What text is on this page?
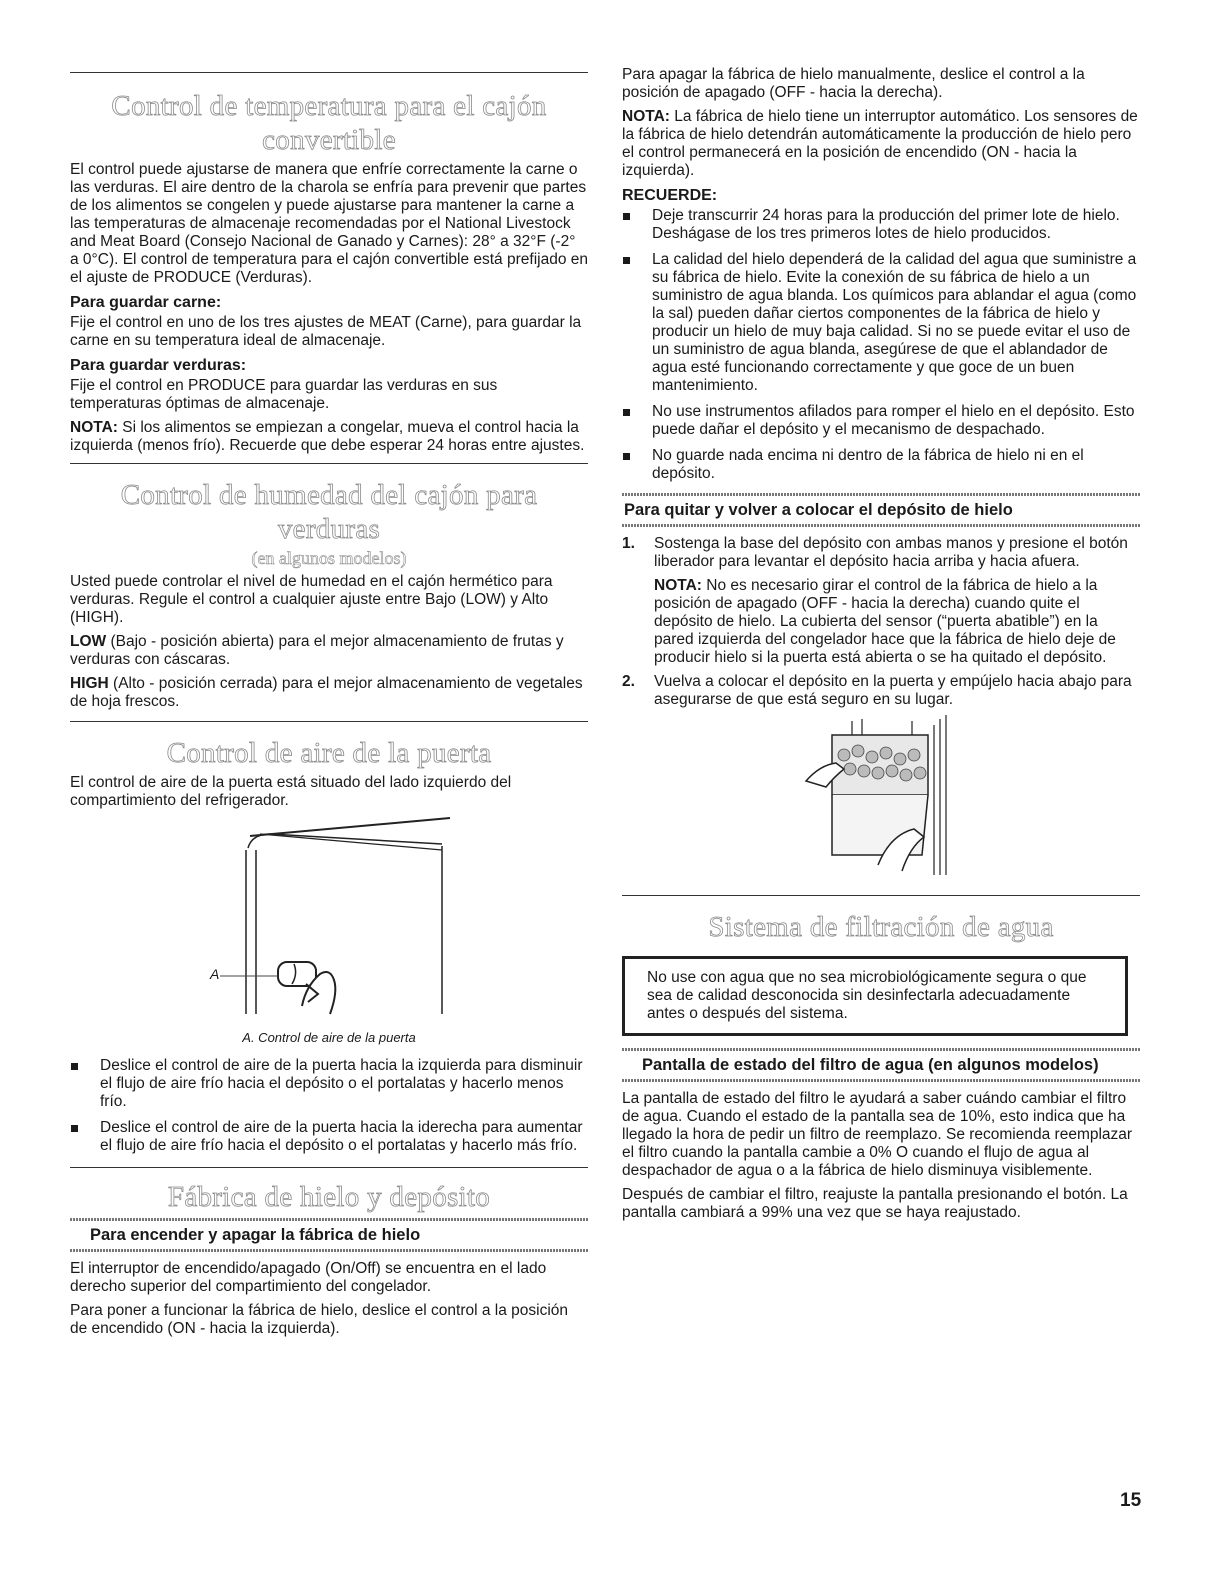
Control de temperatura para el cajón convertible

El control puede ajustarse de manera que enfríe correctamente la carne o las verduras. El aire dentro de la charola se enfría para prevenir que partes de los alimentos se congelen y puede ajustarse para mantener la carne a las temperaturas de almacenaje recomendadas por el National Livestock and Meat Board (Consejo Nacional de Ganado y Carnes): 28° a 32°F (-2° a 0°C). El control de temperatura para el cajón convertible está prefijado en el ajuste de PRODUCE (Verduras).

Para guardar carne:

Fije el control en uno de los tres ajustes de MEAT (Carne), para guardar la carne en su temperatura ideal de almacenaje.

Para guardar verduras:

Fije el control en PRODUCE para guardar las verduras en sus temperaturas óptimas de almacenaje.

NOTA: Si los alimentos se empiezan a congelar, mueva el control hacia la izquierda (menos frío). Recuerde que debe esperar 24 horas entre ajustes.

Control de humedad del cajón para verduras
(en algunos modelos)

Usted puede controlar el nivel de humedad en el cajón hermético para verduras. Regule el control a cualquier ajuste entre Bajo (LOW) y Alto (HIGH).

LOW (Bajo - posición abierta) para el mejor almacenamiento de frutas y verduras con cáscaras.

HIGH (Alto - posición cerrada) para el mejor almacenamiento de vegetales de hoja frescos.

Control de aire de la puerta

El control de aire de la puerta está situado del lado izquierdo del compartimiento del refrigerador.

A
A. Control de aire de la puerta
Deslice el control de aire de la puerta hacia la izquierda para disminuir el flujo de aire frío hacia el depósito o el portalatas y hacerlo menos frío.
Deslice el control de aire de la puerta hacia la iderecha para aumentar el flujo de aire frío hacia el depósito o el portalatas y hacerlo más frío.
Fábrica de hielo y depósito
Para encender y apagar la fábrica de hielo

El interruptor de encendido/apagado (On/Off) se encuentra en el lado derecho superior del compartimiento del congelador.

Para poner a funcionar la fábrica de hielo, deslice el control a la posición de encendido (ON - hacia la izquierda).

Para apagar la fábrica de hielo manualmente, deslice el control a la posición de apagado (OFF - hacia la derecha).

NOTA: La fábrica de hielo tiene un interruptor automático. Los sensores de la fábrica de hielo detendrán automáticamente la producción de hielo pero el control permanecerá en la posición de encendido (ON - hacia la izquierda).

RECUERDE:
Deje transcurrir 24 horas para la producción del primer lote de hielo. Deshágase de los tres primeros lotes de hielo producidos.
La calidad del hielo dependerá de la calidad del agua que suministre a su fábrica de hielo. Evite la conexión de su fábrica de hielo a un suministro de agua blanda. Los químicos para ablandar el agua (como la sal) pueden dañar ciertos componentes de la fábrica de hielo y producir un hielo de muy baja calidad. Si no se puede evitar el uso de un suministro de agua blanda, asegúrese de que el ablandador de agua esté funcionando correctamente y que goce de un buen mantenimiento.
No use instrumentos afilados para romper el hielo en el depósito. Esto puede dañar el depósito y el mecanismo de despachado.
No guarde nada encima ni dentro de la fábrica de hielo ni en el depósito.
Para quitar y volver a colocar el depósito de hielo
1. Sostenga la base del depósito con ambas manos y presione el botón liberador para levantar el depósito hacia arriba y hacia afuera.
NOTA: No es necesario girar el control de la fábrica de hielo a la posición de apagado (OFF - hacia la derecha) cuando quite el depósito de hielo. La cubierta del sensor (“puerta abatible”) en la pared izquierda del congelador hace que la fábrica de hielo deje de producir hielo si la puerta está abierta o se ha quitado el depósito.
2. Vuelva a colocar el depósito en la puerta y empújelo hacia abajo para asegurarse de que está seguro en su lugar.
Sistema de filtración de agua

No use con agua que no sea microbiológicamente segura o que sea de calidad desconocida sin desinfectarla adecuadamente antes o después del sistema.

Pantalla de estado del filtro de agua (en algunos modelos)

La pantalla de estado del filtro le ayudará a saber cuándo cambiar el filtro de agua. Cuando el estado de la pantalla sea de 10%, esto indica que ha llegado la hora de pedir un filtro de reemplazo. Se recomienda reemplazar el filtro cuando la pantalla cambie a 0% O cuando el flujo de agua al despachador de agua o a la fábrica de hielo disminuya visiblemente.

Después de cambiar el filtro, reajuste la pantalla presionando el botón. La pantalla cambiará a 99% una vez que se haya reajustado.

15
